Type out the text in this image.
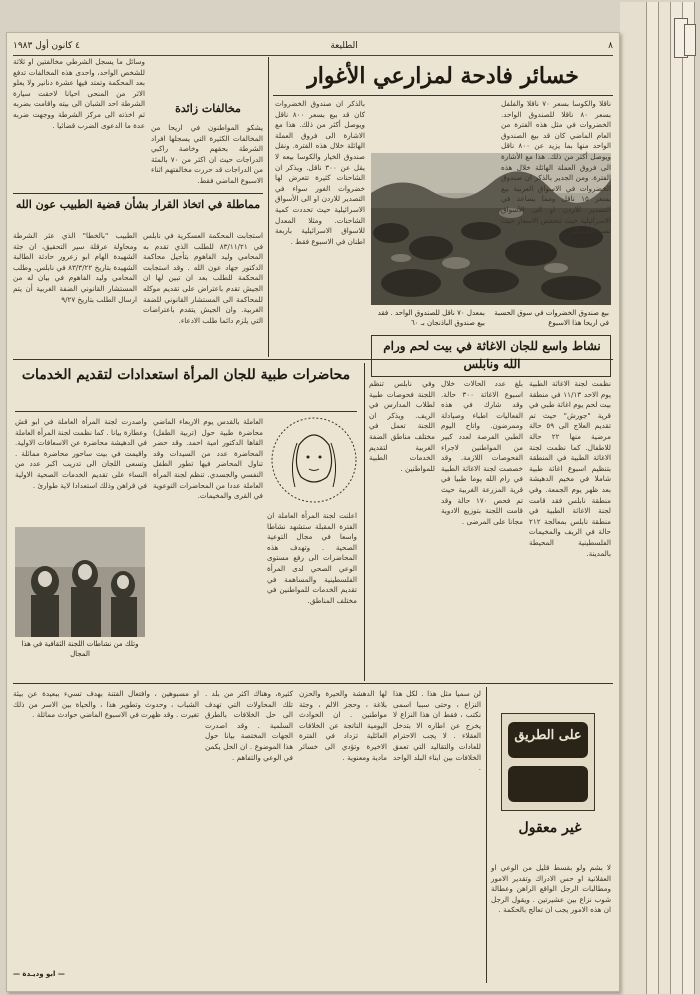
٨
الطليعة
٤ كانون أول ١٩٨٣
خسائر فادحة لمزارعي الأغوار
بيع صندوق الخضروات في سوق الحسبة في اريحا هذا الاسبوع
بمعدل ٧٠ ناقل للصندوق الواحد . فقد بيع صندوق الباذنجان بـ ٦٠
ناقلا والكوسا بسعر ٧٠ ناقلا والفلفل بسعر ٨٠ ناقلا للصندوق الواحد. الخضروات في مثل هذه الفترة من العام الماضي كان قد بيع الصندوق الواحد منها بما يزيد عن ٨٠٠ ناقل ويوصل أكثر من ذلك. هذا مع الأشارة الى فروق العملة الهائلة خلال هذه الفترة. ومن الجدير بالذكر ان صندوق الخضروات في الاسواق العربية بيع بسعر ١٥ ناقل ومما يساعد في التصدير للاردن او الى الأسواق الاسرائيلية حيث تنخفض الاسعار حيث نسبة الخسائر.
بالذكر ان صندوق الخضروات كان قد بيع بسعر ٨٠٠ ناقل ويوصل أكثر من ذلك. هذا مع الاشارة الى فروق العملة الهائلة خلال هذه الفترة. ونقل صندوق الخيار والكوسا بيعه لا يقل عن ٣٠٠ ناقل. ويذكر ان الشاحنات كثيرة تتعرض لها خضروات الغور سواء في التصدير للاردن او الى الأسواق الاسرائيلية حيث تحددت كمية الشاحنات. ومثلا المعدل للاسواق الاسرائيلية باربعة اطنان في الاسبوع فقط .
مخالفات زائدة
يشكو المواطنون في اريحا من المخالفات الكثيرة التي يسجلها افراد الشرطة بحقهم وخاصة راكبي الدراجات حيث ان اكثر من ٧٠ بالمئة من الدراجات قد حررت مخالفتهم اثناء الاسبوع الماضي فقط.
وسائل ما يسجل الشرطي مخالفتين او ثلاثة للشخص الواحد، واحدى هذه المخالفات تدفع بعد المحكمة وتمتد فيها عشرة دنانير ولا يعلو الاثر من المنحى احيانا لاحقت سيارة الشرطة احد الشبان الى بيته واقامت بضربه ثم اخذته الى مركز الشرطة ووجهت ضربه عدة ما الدعوى الضرب قضائيا .
مماطلة في اتخاذ القرار بشأن قضية الطبيب عون الله
استجابت المحكمة العسكرية في نابلس في ٨٣/١١/٢١ للطلب الذي تقدم به المحامي وليد الفاهوم بتأجيل محاكمة الدكتور جهاد عون الله . وقد استجابت المحكمة للطلب بعد ان تبين لها ان الجيش تقدم باعتراض على تقديم موكله للمحاكمة الى المستشار القانوني للضفة الغربية. وان الجيش يتقدم باعتراضات التي يلزم دائما طلب الادعاء.
الطبيب "بالخطا" الذي عثر الشرطة ومحاولة عرقلة سير التحقيق، ان جثة الشهيدة الهام ابو زعرور حادثة الطالبة الشهيدة بتاريخ ٨٣/٣/٢٢ في نابلس. وطلب المحامي وليد الفاهوم في بيان له من المستشار القانوني الضفة الغربية أن يتم ارسال الطلب بتاريخ ٩/٢٧
نشاط واسع للجان الاغاثة في بيت لحم ورام الله ونابلس
نظمت لجنة الاغاثة الطبية يوم الاحد ١١/١٣ في منطقة بيت لحم يوم اغاثة طبي في قرية "جورش" حيث تم تقديم العلاج الى ٥٩ حالة مرضية منها ٢٢ حالة للاطفال. كما نظمت لجنة الاغاثة الطبية في المنطقة بتنظيم اسبوع اغاثة طبية شاملا في مخيم الدهيشة بعد ظهر يوم الجمعة. وفي منطقة نابلس فقد قامت لجنة الاغاثة الطبية في منطقة نابلس بمعالجة ٢١٢ حالة في الريف والمخيمات الفلسطينية المحيطة بالمدينة.
بلغ عدد الحالات خلال اسبوع الاغاثة ٣٠٠ حالة. وقد شارك في هذه الفعاليات اطباء وصيادلة وممرضون. واتاح اليوم الطبي الفرصة لعدد كبير من المواطنين لاجراء الفحوصات اللازمة. وقد خصصت لجنة الاغاثة الطبية في رام الله يوما طبيا في قرية المزرعة الغربية حيث تم فحص ١٧٠ حالة وقد قامت اللجنة بتوزيع الادوية مجانا على المرضى .
وفي نابلس تنظم اللجنة فحوصات طبية لطلاب المدارس في الريف. ويذكر ان اللجنة تعمل في مختلف مناطق الضفة الغربية لتقديم الخدمات الطبية للمواطنين .
محاضرات طبية للجان المرأة استعدادات لتقديم الخدمات
العاملة بالقدس يوم الاربعاء الماضي محاضرة طبية حول (تربية الطفل) القاها الدكتور امية احمد. وقد حضر المحاضرة عدد من السيدات وقد تناول المحاضر فيها تطور الطفل النفسي والجسدي. تنظم لجنة المرأة العاملة عددا من المحاضرات التوعوية في القرى والمخيمات.
واصدرت لجنة المرأة العاملة في ابو قش وعطارة بيانا . كما نظمت لجنة المرأة العاملة في الدهيشة محاضرة عن الاسعافات الاولية. واقيمت في بيت ساحور محاضرة مماثلة . وتسعى اللجان الى تدريب اكبر عدد من النساء على تقديم الخدمات الصحية الاولية في قراهن وذلك استعدادا لاية طوارئ .
اعلنت لجنة المرأة العاملة ان الفترة المقبلة ستشهد نشاطا واسعا في مجال التوعية الصحية . وتهدف هذه المحاضرات الى رفع مستوى الوعي الصحي لدى المرأة الفلسطينية والمساهمة في تقديم الخدمات للمواطنين في مختلف المناطق.
وتلك من نشاطات اللجنة الثقافية في هذا المجال
لا بشم ولو بقسط قليل من الوعي او العقلانية او حس الادراك وتقدير الامور ومطالبات الرجل الواقع الراهن وعطالة شوب نزاع بين عشيرتين . ويقول الرجل ان هذه الامور يجب ان تعالج بالحكمة .
على الطريق
غير معقول
لن سميا مثل هذا . لكل هذا النزاع ، وحتى سببا اسمى نكتب ، فقط ان هذا النزاع لا يخرج عن اطاره الا بتدخل العقلاء . لا يجب الاحترام للعادات والتقاليد التي تعمق الخلافات بين ابناء البلد الواحد .
لها الدهشة والحيرة والحزن بلاغة ، وحجز الالم ، وجثة مواطنين . ان الحوادث اليومية الناتجة عن الخلافات العائلية تزداد في الفترة الاخيرة وتؤدي الى خسائر مادية ومعنوية .
كثيرة، وهناك اكثر من بلد . تلك المحاولات التي تهدف الى حل الخلافات بالطرق السلمية . وقد اصدرت الجهات المختصة بيانا حول هذا الموضوع . ان الحل يكمن في الوعي والتفاهم .
او مسبوهين ، وافتعال الفتنة بهدف تسيء ببعيدة عن بيئة الشباب ، وحدوث وتطوير هذا ، والحياة بين الاسر من ذلك تغيرت . وقد ظهرت في الاسبوع الماضي حوادث مماثلة .
— ابو وديـدة —
